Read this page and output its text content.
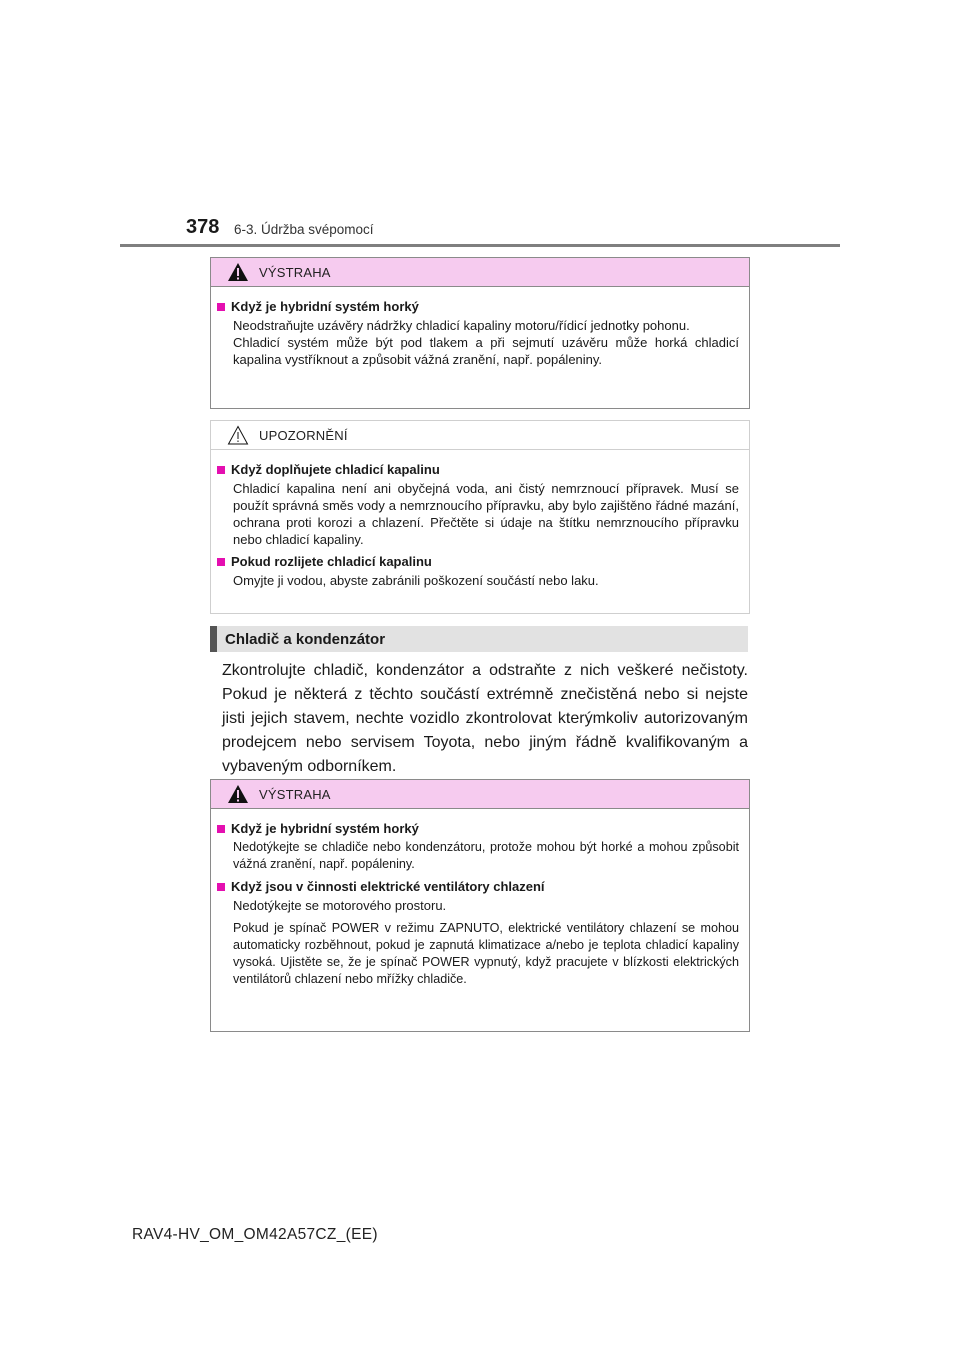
378 6-3. Údržba svépomocí
VÝSTRAHA
Když je hybridní systém horký
Neodstraňujte uzávěry nádržky chladicí kapaliny motoru/řídicí jednotky pohonu.
Chladicí systém může být pod tlakem a při sejmutí uzávěru může horká chladicí kapalina vystříknout a způsobit vážná zranění, např. popáleniny.
UPOZORNĚNÍ
Když doplňujete chladicí kapalinu
Chladicí kapalina není ani obyčejná voda, ani čistý nemrznoucí přípravek. Musí se použít správná směs vody a nemrznoucího přípravku, aby bylo zajištěno řádné mazání, ochrana proti korozi a chlazení. Přečtěte si údaje na štítku nemrznoucího přípravku nebo chladicí kapaliny.
Pokud rozlijete chladicí kapalinu
Omyjte ji vodou, abyste zabránili poškození součástí nebo laku.
Chladič a kondenzátor
Zkontrolujte chladič, kondenzátor a odstraňte z nich veškeré nečistoty. Pokud je některá z těchto součástí extrémně znečistěná nebo si nejste jisti jejich stavem, nechte vozidlo zkontrolovat kterýmkoliv autorizovaným prodejcem nebo servisem Toyota, nebo jiným řádně kvalifikovaným a vybaveným odborníkem.
VÝSTRAHA
Když je hybridní systém horký
Nedotýkejte se chladiče nebo kondenzátoru, protože mohou být horké a mohou způsobit vážná zranění, např. popáleniny.
Když jsou v činnosti elektrické ventilátory chlazení
Nedotýkejte se motorového prostoru.
Pokud je spínač POWER v režimu ZAPNUTO, elektrické ventilátory chlazení se mohou automaticky rozběhnout, pokud je zapnutá klimatizace a/nebo je teplota chladicí kapaliny vysoká. Ujistěte se, že je spínač POWER vypnutý, když pracujete v blízkosti elektrických ventilátorů chlazení nebo mřížky chladiče.
RAV4-HV_OM_OM42A57CZ_(EE)
